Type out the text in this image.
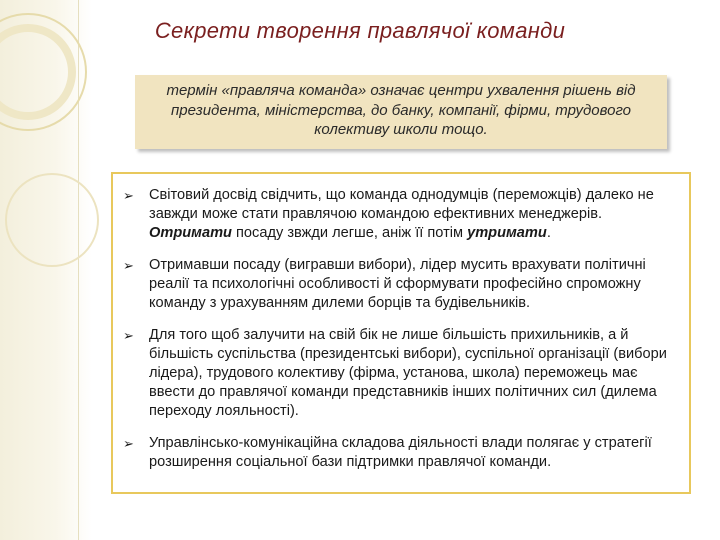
Секрети творення правлячої команди
термін «правляча команда» означає центри ухвалення рішень від президента, міністерства, до банку, компанії, фірми, трудового колективу школи тощо.
➢ Світовий досвід свідчить, що команда однодумців (переможців) далеко не завжди може стати правлячою командою ефективних менеджерів. Отримати посаду звжди легше, аніж її потім утримати.
➢ Отримавши посаду (вигравши вибори), лідер мусить врахувати політичні реалії та психологічні особливості й сформувати професійно спроможну команду з урахуванням дилеми борців та будівельників.
➢ Для того щоб залучити на свій бік не лише більшість прихильників, а й більшість суспільства (президентські вибори), суспільної організації (вибори лідера), трудового колективу (фірма, установа, школа) переможець має ввести до правлячої команди представників інших політичних сил (дилема переходу лояльності).
➢ Управлінсько-комунікаційна складова діяльності влади полягає у стратегії розширення соціальної бази підтримки правлячої команди.
